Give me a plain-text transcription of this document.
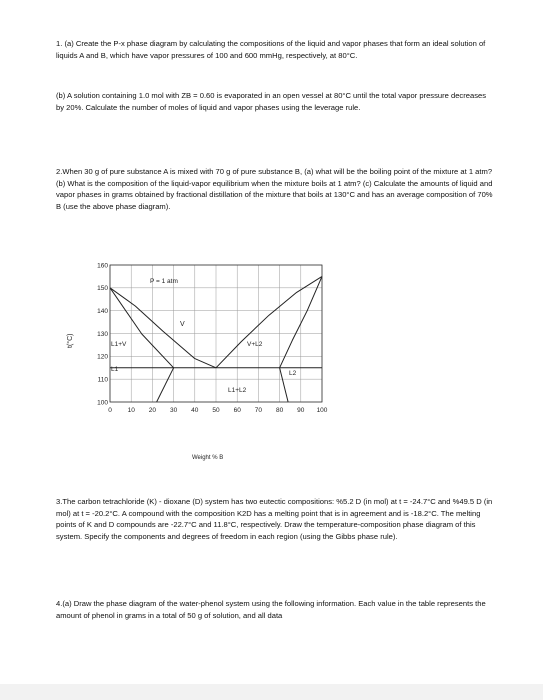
1. (a) Create the P-x phase diagram by calculating the compositions of the liquid and vapor phases that form an ideal solution of liquids A and B, which have vapor pressures of 100 and 600 mmHg, respectively, at 80°C.

(b) A solution containing 1.0 mol with ZB = 0.60 is evaporated in an open vessel at 80°C until the total vapor pressure decreases by 20%. Calculate the number of moles of liquid and vapor phases using the leverage rule.

2.When 30 g of pure substance A is mixed with 70 g of pure substance B, (a) what will be the boiling point of the mixture at 1 atm? (b) What is the composition of the liquid-vapor equilibrium when the mixture boils at 1 atm? (c) Calculate the amounts of liquid and vapor phases in grams obtained by fractional distillation of the mixture that boils at 130°C and has an average composition of 70% B (use the above phase diagram).

0 10 20 30 40 50 60 70 80 90 100
100
110
120
130
140
150
160
P = 1 atm
t(°C)
Weight % B
V
L1+V	V+L2
L1
L2
L1+L2

3.The carbon tetrachloride (K) - dioxane (D) system has two eutectic compositions: %5.2 D (in mol) at t = -24.7°C and %49.5 D (in mol) at t = -20.2°C. A compound with the composition K2D has a melting point that is in agreement and is -18.2°C. The melting points of K and D compounds are -22.7°C and 11.8°C, respectively. Draw the temperature-composition phase diagram of this system. Specify the components and degrees of freedom in each region (using the Gibbs phase rule).

4.(a) Draw the phase diagram of the water-phenol system using the following information. Each value in the table represents the amount of phenol in grams in a total of 50 g of solution, and all data
